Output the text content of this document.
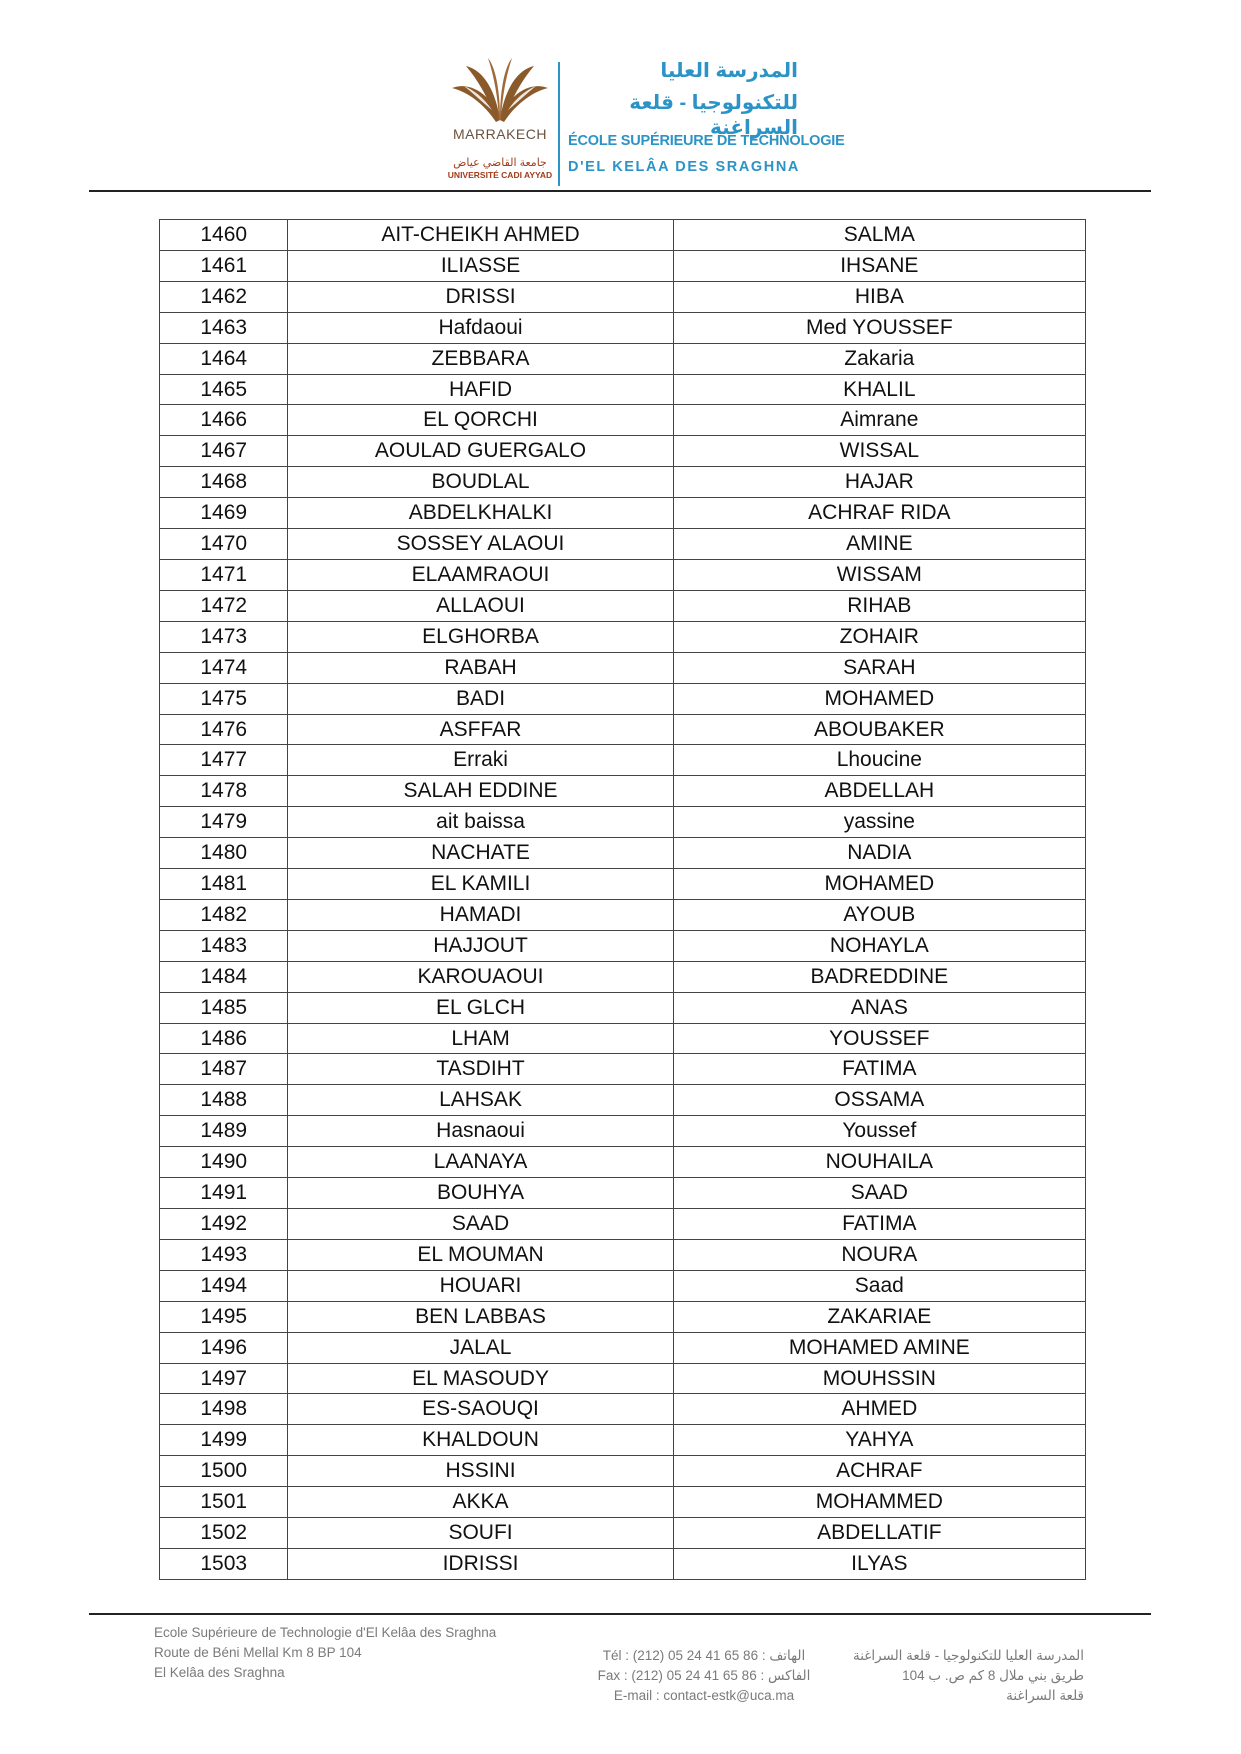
MARRAKECH
جامعة القاضي عياض
UNIVERSITÉ CADI AYYAD
المدرسة العليا
للتكنولوجيا - قلعة السراغنة
ÉCOLE SUPÉRIEURE DE TECHNOLOGIE
D'EL KELÂA DES SRAGHNA
1460	AIT-CHEIKH AHMED	SALMA
1461	ILIASSE	IHSANE
1462	DRISSI	HIBA
1463	Hafdaoui	Med YOUSSEF
1464	ZEBBARA	Zakaria
1465	HAFID	KHALIL
1466	EL QORCHI	Aimrane
1467	AOULAD GUERGALO	WISSAL
1468	BOUDLAL	HAJAR
1469	ABDELKHALKI	ACHRAF RIDA
1470	SOSSEY ALAOUI	AMINE
1471	ELAAMRAOUI	WISSAM
1472	ALLAOUI	RIHAB
1473	ELGHORBA	ZOHAIR
1474	RABAH	SARAH
1475	BADI	MOHAMED
1476	ASFFAR	ABOUBAKER
1477	Erraki	Lhoucine
1478	SALAH EDDINE	ABDELLAH
1479	ait baissa	yassine
1480	NACHATE	NADIA
1481	EL KAMILI	MOHAMED
1482	HAMADI	AYOUB
1483	HAJJOUT	NOHAYLA
1484	KAROUAOUI	BADREDDINE
1485	EL GLCH	ANAS
1486	LHAM	YOUSSEF
1487	TASDIHT	FATIMA
1488	LAHSAK	OSSAMA
1489	Hasnaoui	Youssef
1490	LAANAYA	NOUHAILA
1491	BOUHYA	SAAD
1492	SAAD	FATIMA
1493	EL MOUMAN	NOURA
1494	HOUARI	Saad
1495	BEN LABBAS	ZAKARIAE
1496	JALAL	MOHAMED AMINE
1497	EL MASOUDY	MOUHSSIN
1498	ES-SAOUQI	AHMED
1499	KHALDOUN	YAHYA
1500	HSSINI	ACHRAF
1501	AKKA	MOHAMMED
1502	SOUFI	ABDELLATIF
1503	IDRISSI	ILYAS
Ecole Supérieure de Technologie d'El Kelâa des Sraghna
Route de Béni Mellal Km 8 BP 104
El Kelâa des Sraghna
Tél : (212) 05 24 41 65 86 : الهاتف
Fax : (212) 05 24 41 65 86 : الفاكس
E-mail : contact-estk@uca.ma
المدرسة العليا للتكنولوجيا - قلعة السراغنة
طريق بني ملال 8 كم ص. ب 104
قلعة السراغنة
